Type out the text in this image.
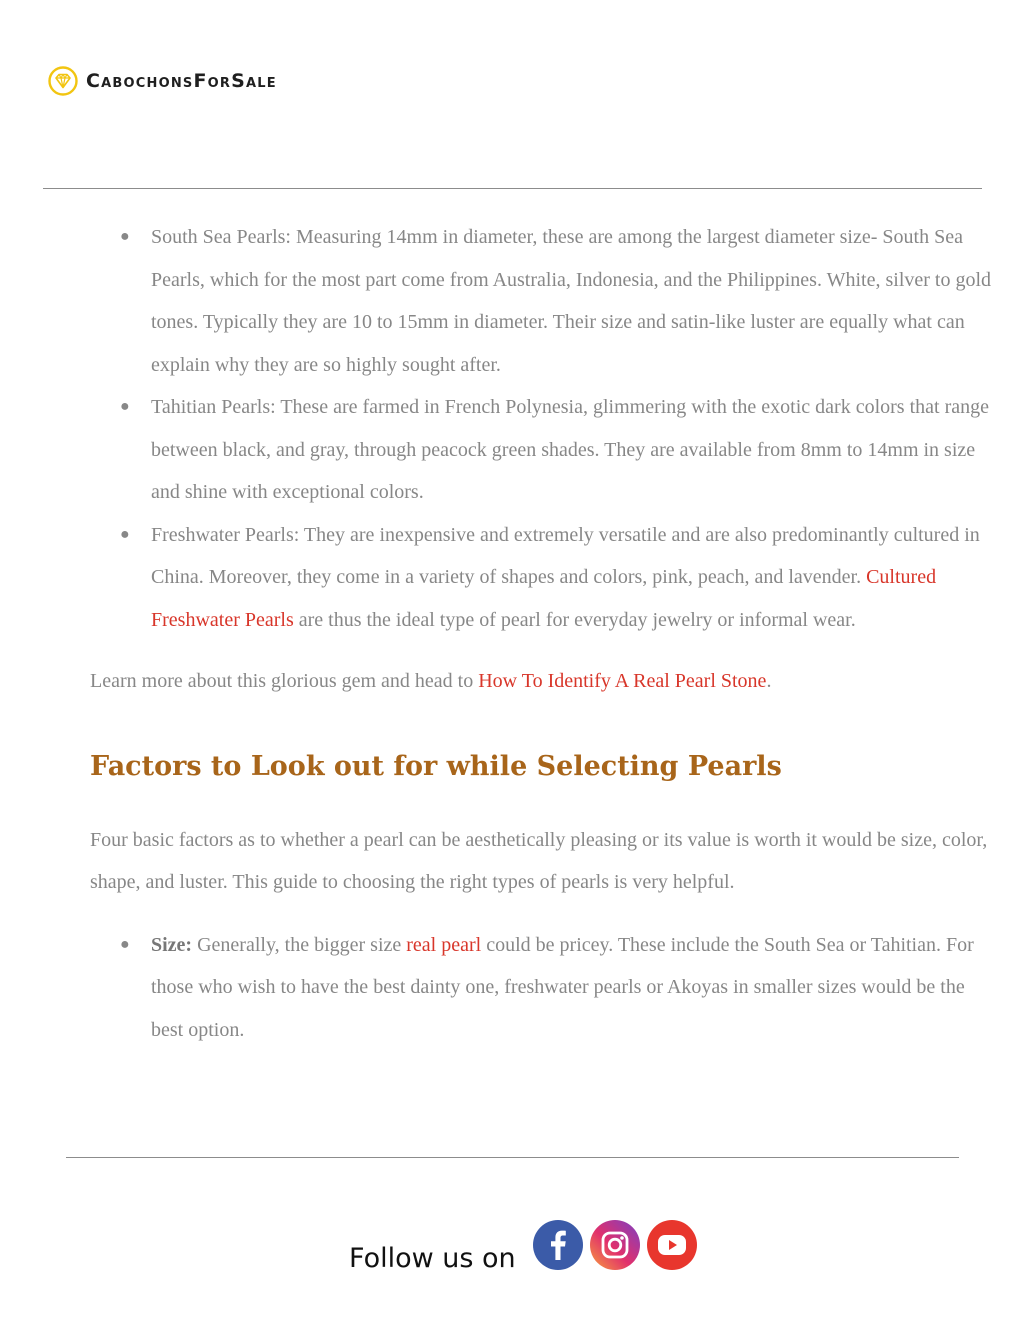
CabochonsForSale
● South Sea Pearls: Measuring 14mm in diameter, these are among the largest diameter size- South Sea Pearls, which for the most part come from Australia, Indonesia, and the Philippines. White, silver to gold tones. Typically they are 10 to 15mm in diameter. Their size and satin-like luster are equally what can explain why they are so highly sought after.
● Tahitian Pearls: These are farmed in French Polynesia, glimmering with the exotic dark colors that range between black, and gray, through peacock green shades. They are available from 8mm to 14mm in size and shine with exceptional colors.
● Freshwater Pearls: They are inexpensive and extremely versatile and are also predominantly cultured in China. Moreover, they come in a variety of shapes and colors, pink, peach, and lavender. Cultured Freshwater Pearls are thus the ideal type of pearl for everyday jewelry or informal wear.

Learn more about this glorious gem and head to How To Identify A Real Pearl Stone.

Factors to Look out for while Selecting Pearls

Four basic factors as to whether a pearl can be aesthetically pleasing or its value is worth it would be size, color, shape, and luster. This guide to choosing the right types of pearls is very helpful.

● Size: Generally, the bigger size real pearl could be pricey. These include the South Sea or Tahitian. For those who wish to have the best dainty one, freshwater pearls or Akoyas in smaller sizes would be the best option.
Follow us on
